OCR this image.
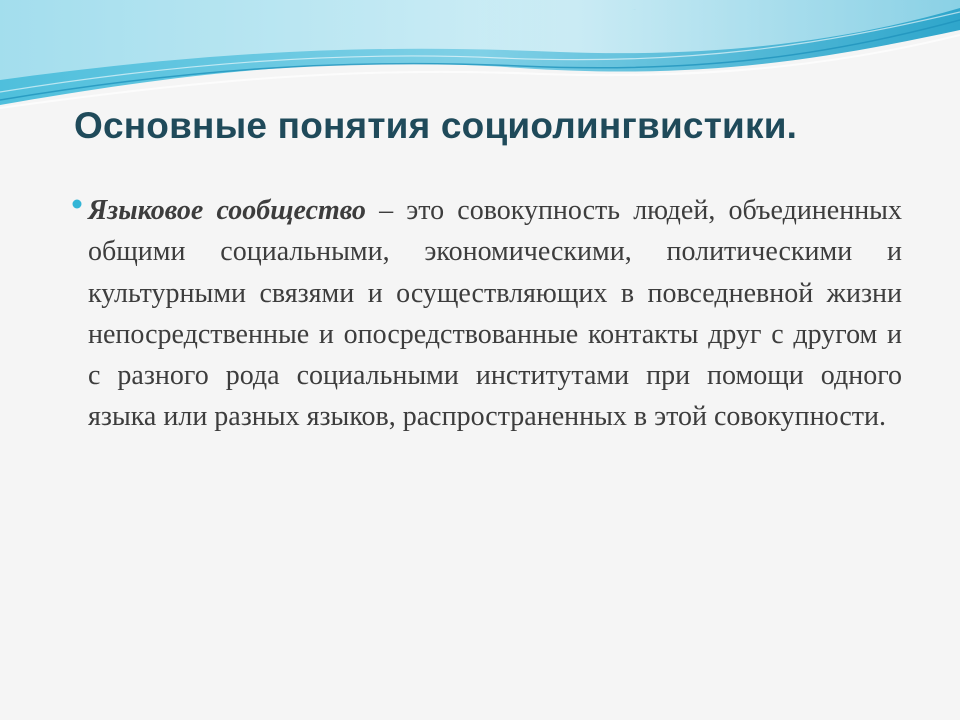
Основные понятия социолингвистики.

Языковое сообщество – это совокупность людей, объединенных общими социальными, экономическими, политическими и культурными связями и осуществляющих в повседневной жизни непосредственные и опосредствованные контакты друг с другом и с разного рода социальными институтами при помощи одного языка или разных языков, распространенных в этой совокупности.
